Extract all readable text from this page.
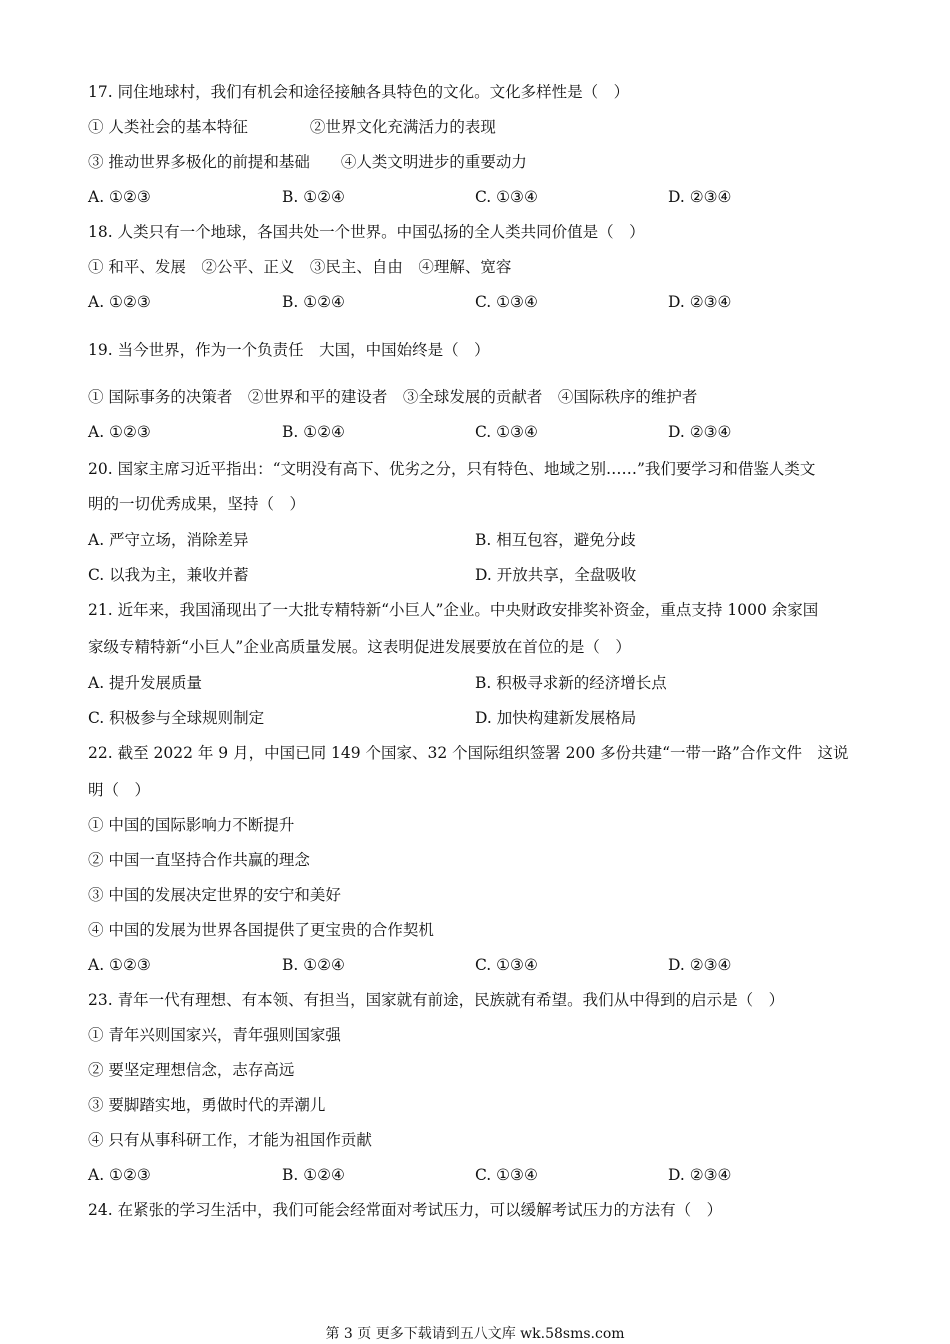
17. 同住地球村，我们有机会和途径接触各具特色的文化。文化多样性是（　）
① 人类社会的基本特征　　　　②世界文化充满活力的表现
③ 推动世界多极化的前提和基础　　④人类文明进步的重要动力
A. ①②③	B. ①②④	C. ①③④	D. ②③④
18. 人类只有一个地球，各国共处一个世界。中国弘扬的全人类共同价值是（　）
① 和平、发展　②公平、正义　③民主、自由　④理解、宽容
A. ①②③	B. ①②④	C. ①③④	D. ②③④
19. 当今世界，作为一个负责任　大国，中国始终是（　）
① 国际事务的决策者　②世界和平的建设者　③全球发展的贡献者　④国际秩序的维护者
A. ①②③	B. ①②④	C. ①③④	D. ②③④
20. 国家主席习近平指出：“文明没有高下、优劣之分，只有特色、地域之别……”我们要学习和借鉴人类文
明的一切优秀成果，坚持（　）
A. 严守立场，消除差异	B. 相互包容，避免分歧
C. 以我为主，兼收并蓄	D. 开放共享，全盘吸收
21. 近年来，我国涌现出了一大批专精特新“小巨人”企业。中央财政安排奖补资金，重点支持 1000 余家国
家级专精特新“小巨人”企业高质量发展。这表明促进发展要放在首位的是（　）
A. 提升发展质量	B. 积极寻求新的经济增长点
C. 积极参与全球规则制定	D. 加快构建新发展格局
22. 截至 2022 年 9 月，中国已同 149 个国家、32 个国际组织签署 200 多份共建“一带一路”合作文件　这说
明（　）
① 中国的国际影响力不断提升
② 中国一直坚持合作共赢的理念
③ 中国的发展决定世界的安宁和美好
④ 中国的发展为世界各国提供了更宝贵的合作契机
A. ①②③	B. ①②④	C. ①③④	D. ②③④
23. 青年一代有理想、有本领、有担当，国家就有前途，民族就有希望。我们从中得到的启示是（　）
① 青年兴则国家兴，青年强则国家强
② 要坚定理想信念，志存高远
③ 要脚踏实地，勇做时代的弄潮儿
④ 只有从事科研工作，才能为祖国作贡献
A. ①②③	B. ①②④	C. ①③④	D. ②③④
24. 在紧张的学习生活中，我们可能会经常面对考试压力，可以缓解考试压力的方法有（　）
第 3 页 更多下载请到五八文库 wk.58sms.com
